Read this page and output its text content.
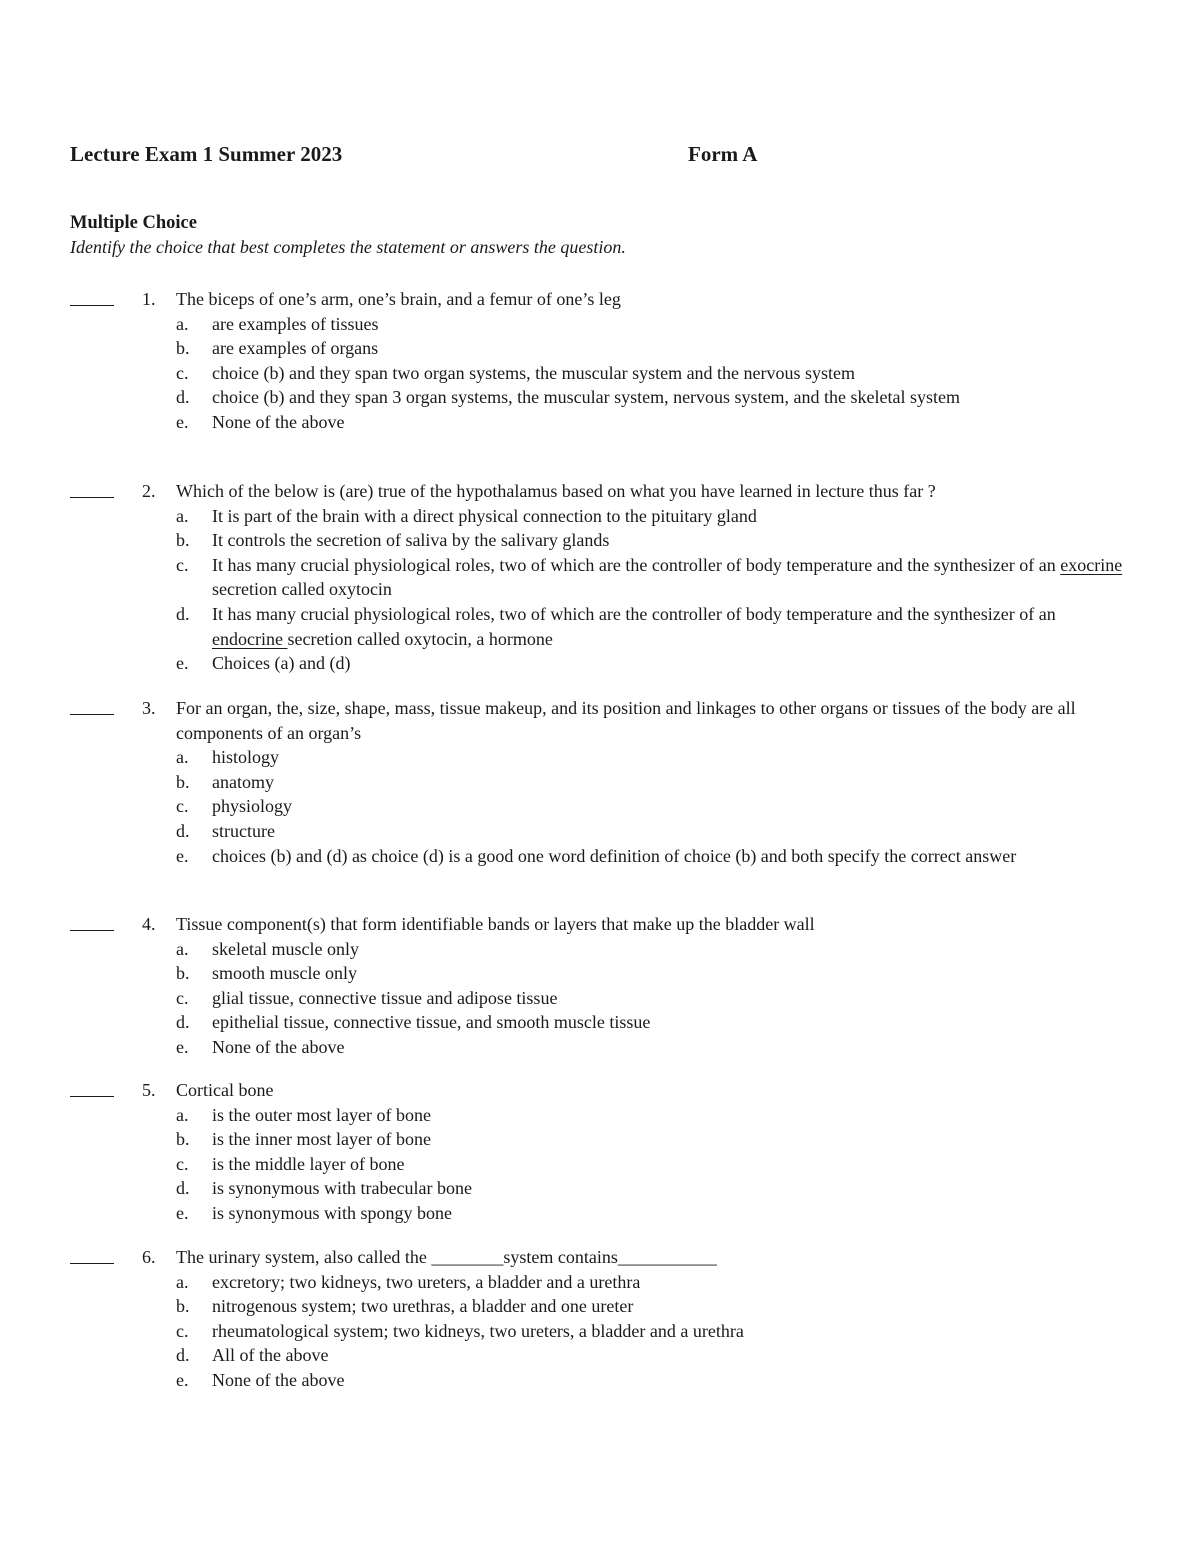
Lecture Exam 1 Summer 2023	Form A
Multiple Choice
Identify the choice that best completes the statement or answers the question.
1. The biceps of one’s arm, one’s brain, and a femur of one’s leg
a. are examples of tissues
b. are examples of organs
c. choice (b) and they span two organ systems, the muscular system and the nervous system
d. choice (b) and they span 3 organ systems, the muscular system, nervous system, and the skeletal system
e. None of the above
2. Which of the below is (are) true of the hypothalamus based on what you have learned in lecture thus far ?
a. It is part of the brain with a direct physical connection to the pituitary gland
b. It controls the secretion of saliva by the salivary glands
c. It has many crucial physiological roles, two of which are the controller of body temperature and the synthesizer of an exocrine secretion called oxytocin
d. It has many crucial physiological roles, two of which are the controller of body temperature and the synthesizer of an endocrine secretion called oxytocin, a hormone
e. Choices (a) and (d)
3. For an organ, the, size, shape, mass, tissue makeup, and its position and linkages to other organs or tissues of the body are all components of an organ’s
a. histology
b. anatomy
c. physiology
d. structure
e. choices (b) and (d) as choice (d) is a good one word definition of choice (b) and both specify the correct answer
4. Tissue component(s) that form identifiable bands or layers that make up the bladder wall
a. skeletal muscle only
b. smooth muscle only
c. glial tissue, connective tissue and adipose tissue
d. epithelial tissue, connective tissue, and smooth muscle tissue
e. None of the above
5. Cortical bone
a. is the outer most layer of bone
b. is the inner most layer of bone
c. is the middle layer of bone
d. is synonymous with trabecular bone
e. is synonymous with spongy bone
6. The urinary system, also called the ________system contains___________
a. excretory; two kidneys, two ureters, a bladder and a urethra
b. nitrogenous system; two urethras, a bladder and one ureter
c. rheumatological system; two kidneys, two ureters, a bladder and a urethra
d. All of the above
e. None of the above
